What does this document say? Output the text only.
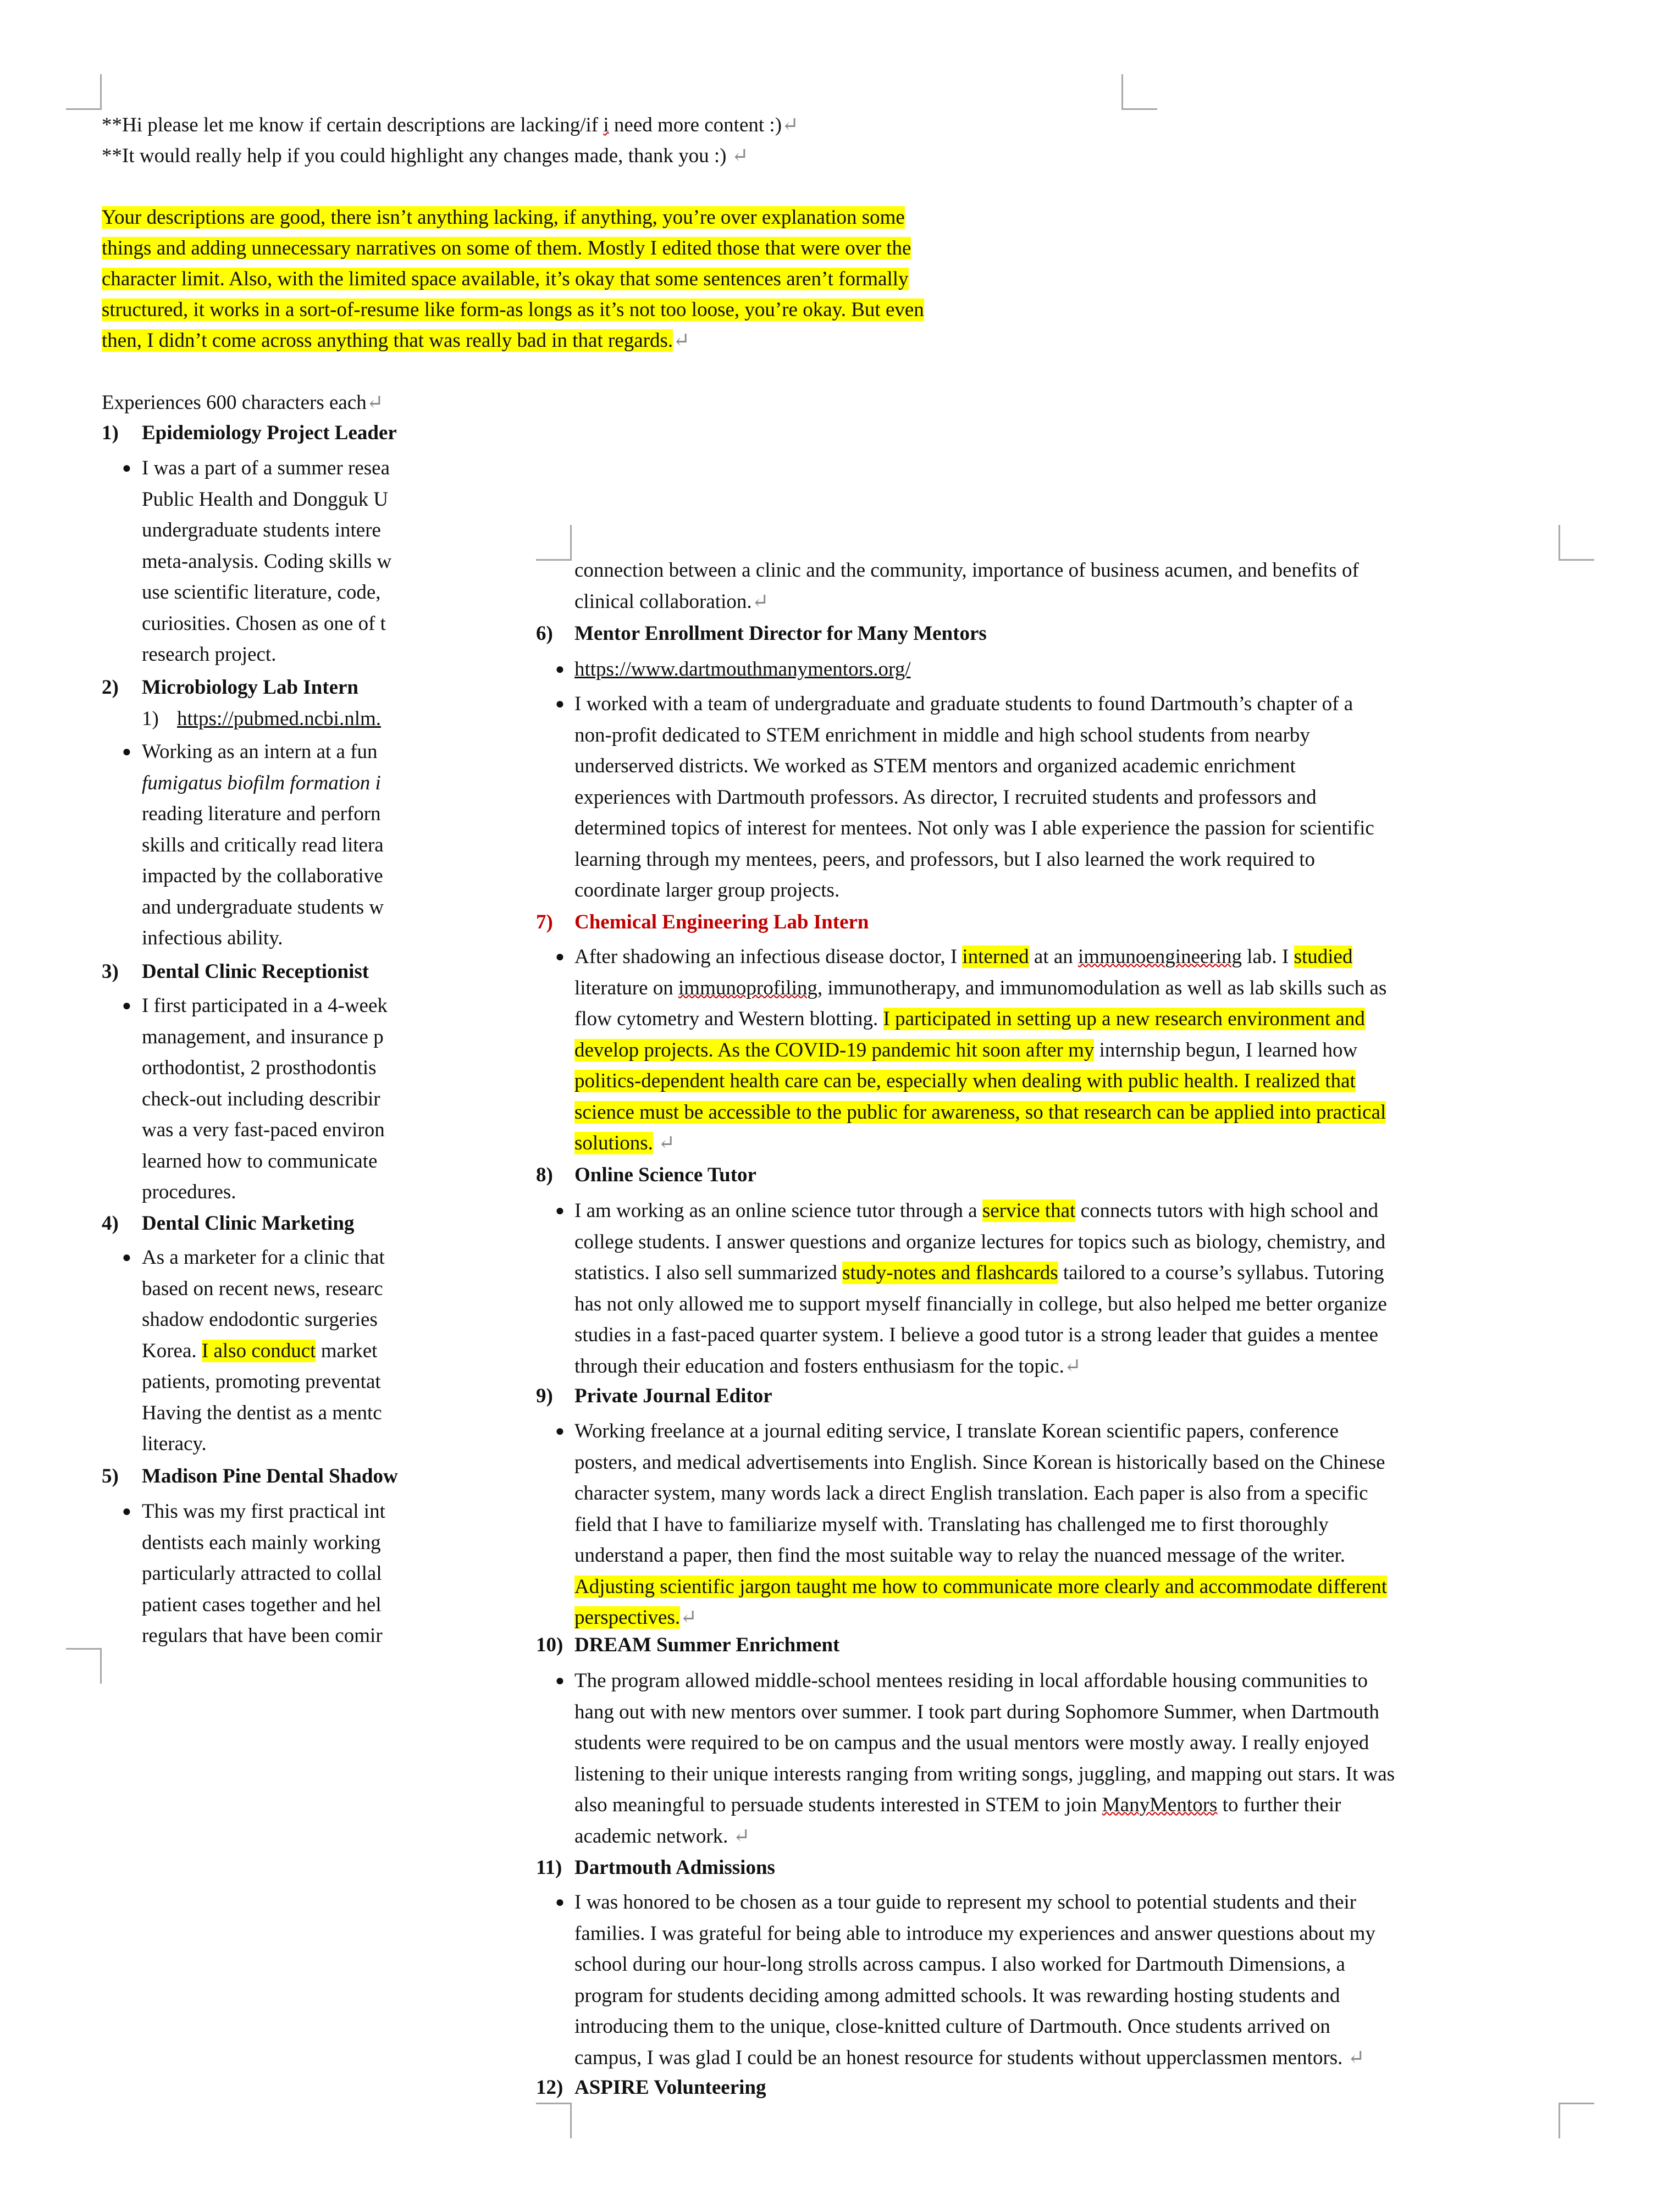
**Hi please let me know if certain descriptions are lacking/if i need more content :)↵
**It would really help if you could highlight any changes made, thank you :) ↵
Your descriptions are good, there isn’t anything lacking, if anything, you’re over explanation some
things and adding unnecessary narratives on some of them. Mostly I edited those that were over the
character limit. Also, with the limited space available, it’s okay that some sentences aren’t formally
structured, it works in a sort-of-resume like form-as longs as it’s not too loose, you’re okay. But even
then, I didn’t come across anything that was really bad in that regards.↵
Experiences 600 characters each↵
1) Epidemiology Project Leader
● I was a part of a summer resea
Public Health and Dongguk U
undergraduate students intere
meta-analysis. Coding skills w
use scientific literature, code,
curiosities. Chosen as one of t
research project.
2) Microbiology Lab Intern
1) https://pubmed.ncbi.nlm.
● Working as an intern at a fun
fumigatus biofilm formation i
reading literature and perforn
skills and critically read litera
impacted by the collaborative
and undergraduate students w
infectious ability.
3) Dental Clinic Receptionist
● I first participated in a 4-week
management, and insurance p
orthodontist, 2 prosthodontis
check-out including describir
was a very fast-paced environ
learned how to communicate
procedures.
4) Dental Clinic Marketing
● As a marketer for a clinic that
based on recent news, researc
shadow endodontic surgeries
Korea. I also conduct market
patients, promoting preventat
Having the dentist as a mentc
literacy.
5) Madison Pine Dental Shadow
● This was my first practical int
dentists each mainly working
particularly attracted to collal
patient cases together and hel
regulars that have been comir
connection between a clinic and the community, importance of business acumen, and benefits of
clinical collaboration.↵
6) Mentor Enrollment Director for Many Mentors
● https://www.dartmouthmanymentors.org/
● I worked with a team of undergraduate and graduate students to found Dartmouth’s chapter of a
non-profit dedicated to STEM enrichment in middle and high school students from nearby
underserved districts. We worked as STEM mentors and organized academic enrichment
experiences with Dartmouth professors. As director, I recruited students and professors and
determined topics of interest for mentees. Not only was I able experience the passion for scientific
learning through my mentees, peers, and professors, but I also learned the work required to
coordinate larger group projects.
7) Chemical Engineering Lab Intern
● After shadowing an infectious disease doctor, I interned at an immunoengineering lab. I studied
literature on immunoprofiling, immunotherapy, and immunomodulation as well as lab skills such as
flow cytometry and Western blotting. I participated in setting up a new research environment and
develop projects. As the COVID-19 pandemic hit soon after my internship begun, I learned how
politics-dependent health care can be, especially when dealing with public health. I realized that
science must be accessible to the public for awareness, so that research can be applied into practical
solutions. ↵
8) Online Science Tutor
● I am working as an online science tutor through a service that connects tutors with high school and
college students. I answer questions and organize lectures for topics such as biology, chemistry, and
statistics. I also sell summarized study-notes and flashcards tailored to a course’s syllabus. Tutoring
has not only allowed me to support myself financially in college, but also helped me better organize
studies in a fast-paced quarter system. I believe a good tutor is a strong leader that guides a mentee
through their education and fosters enthusiasm for the topic.↵
9) Private Journal Editor
● Working freelance at a journal editing service, I translate Korean scientific papers, conference
posters, and medical advertisements into English. Since Korean is historically based on the Chinese
character system, many words lack a direct English translation. Each paper is also from a specific
field that I have to familiarize myself with. Translating has challenged me to first thoroughly
understand a paper, then find the most suitable way to relay the nuanced message of the writer.
Adjusting scientific jargon taught me how to communicate more clearly and accommodate different
perspectives.↵
10) DREAM Summer Enrichment
● The program allowed middle-school mentees residing in local affordable housing communities to
hang out with new mentors over summer. I took part during Sophomore Summer, when Dartmouth
students were required to be on campus and the usual mentors were mostly away. I really enjoyed
listening to their unique interests ranging from writing songs, juggling, and mapping out stars. It was
also meaningful to persuade students interested in STEM to join ManyMentors to further their
academic network. ↵
11) Dartmouth Admissions
● I was honored to be chosen as a tour guide to represent my school to potential students and their
families. I was grateful for being able to introduce my experiences and answer questions about my
school during our hour-long strolls across campus. I also worked for Dartmouth Dimensions, a
program for students deciding among admitted schools. It was rewarding hosting students and
introducing them to the unique, close-knitted culture of Dartmouth. Once students arrived on
campus, I was glad I could be an honest resource for students without upperclassmen mentors. ↵
12) ASPIRE Volunteering
